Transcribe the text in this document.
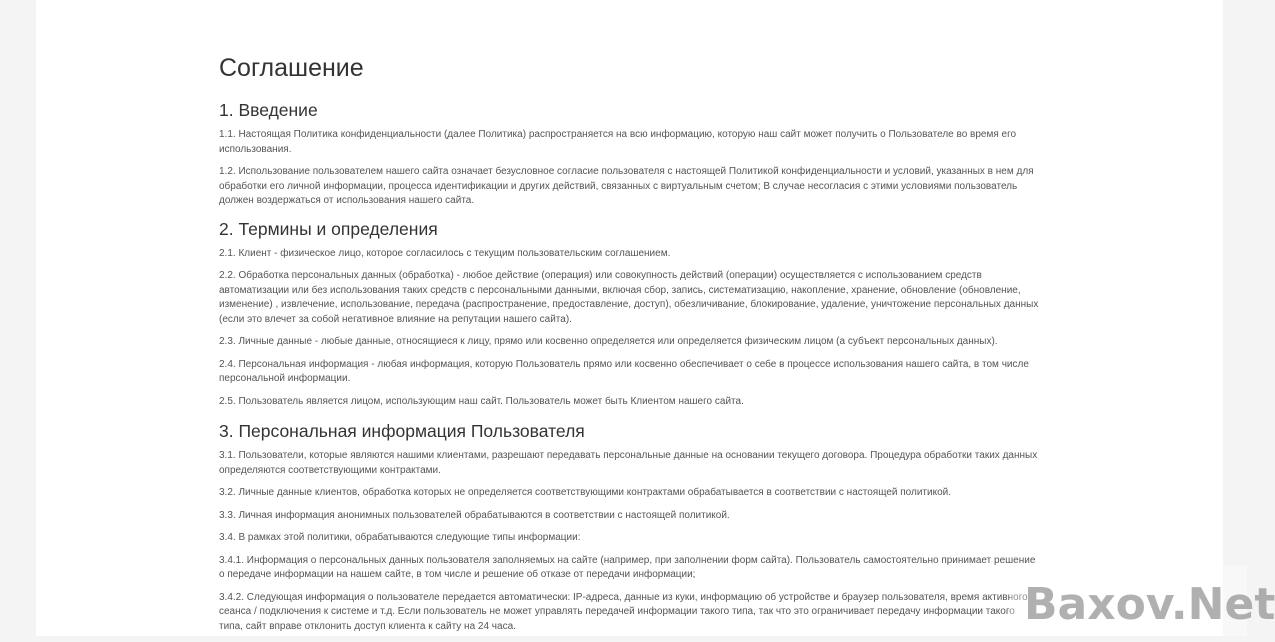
Соглашение
1. Введение

1.1. Настоящая Политика конфиденциальности (далее Политика) распространяется на всю информацию, которую наш сайт может получить о Пользователе во время его использования.

1.2. Использование пользователем нашего сайта означает безусловное согласие пользователя с настоящей Политикой конфиденциальности и условий, указанных в нем для обработки его личной информации, процесса идентификации и других действий, связанных с виртуальным счетом; В случае несогласия с этими условиями пользователь должен воздержаться от использования нашего сайта.

2. Термины и определения

2.1. Клиент - физическое лицо, которое согласилось с текущим пользовательским соглашением.

2.2. Обработка персональных данных (обработка) - любое действие (операция) или совокупность действий (операции) осуществляется с использованием средств автоматизации или без использования таких средств с персональными данными, включая сбор, запись, систематизацию, накопление, хранение, обновление (обновление, изменение) , извлечение, использование, передача (распространение, предоставление, доступ), обезличивание, блокирование, удаление, уничтожение персональных данных (если это влечет за собой негативное влияние на репутации нашего сайта).

2.3. Личные данные - любые данные, относящиеся к лицу, прямо или косвенно определяется или определяется физическим лицом (а субъект персональных данных).

2.4. Персональная информация - любая информация, которую Пользователь прямо или косвенно обеспечивает о себе в процессе использования нашего сайта, в том числе персональной информации.

2.5. Пользователь является лицом, использующим наш сайт. Пользователь может быть Клиентом нашего сайта.

3. Персональная информация Пользователя

3.1. Пользователи, которые являются нашими клиентами, разрешают передавать персональные данные на основании текущего договора. Процедура обработки таких данных определяются соответствующими контрактами.

3.2. Личные данные клиентов, обработка которых не определяется соответствующими контрактами обрабатывается в соответствии с настоящей политикой.

3.3. Личная информация анонимных пользователей обрабатываются в соответствии с настоящей политикой.

3.4. В рамках этой политики, обрабатываются следующие типы информации:

3.4.1. Информация о персональных данных пользователя заполняемых на сайте (например, при заполнении форм сайта). Пользователь самостоятельно принимает решение о передаче информации на нашем сайте, в том числе и решение об отказе от передачи информации;

3.4.2. Следующая информация о пользователе передается автоматически: IP-адреса, данные из куки, информацию об устройстве и браузер пользователя, время активного сеанса / подключения к системе и т.д. Если пользователь не может управлять передачей информации такого типа, так что это ограничивает передачу информации такого типа, сайт вправе отклонить доступ клиента к сайту на 24 часа.	Baxov.Net
